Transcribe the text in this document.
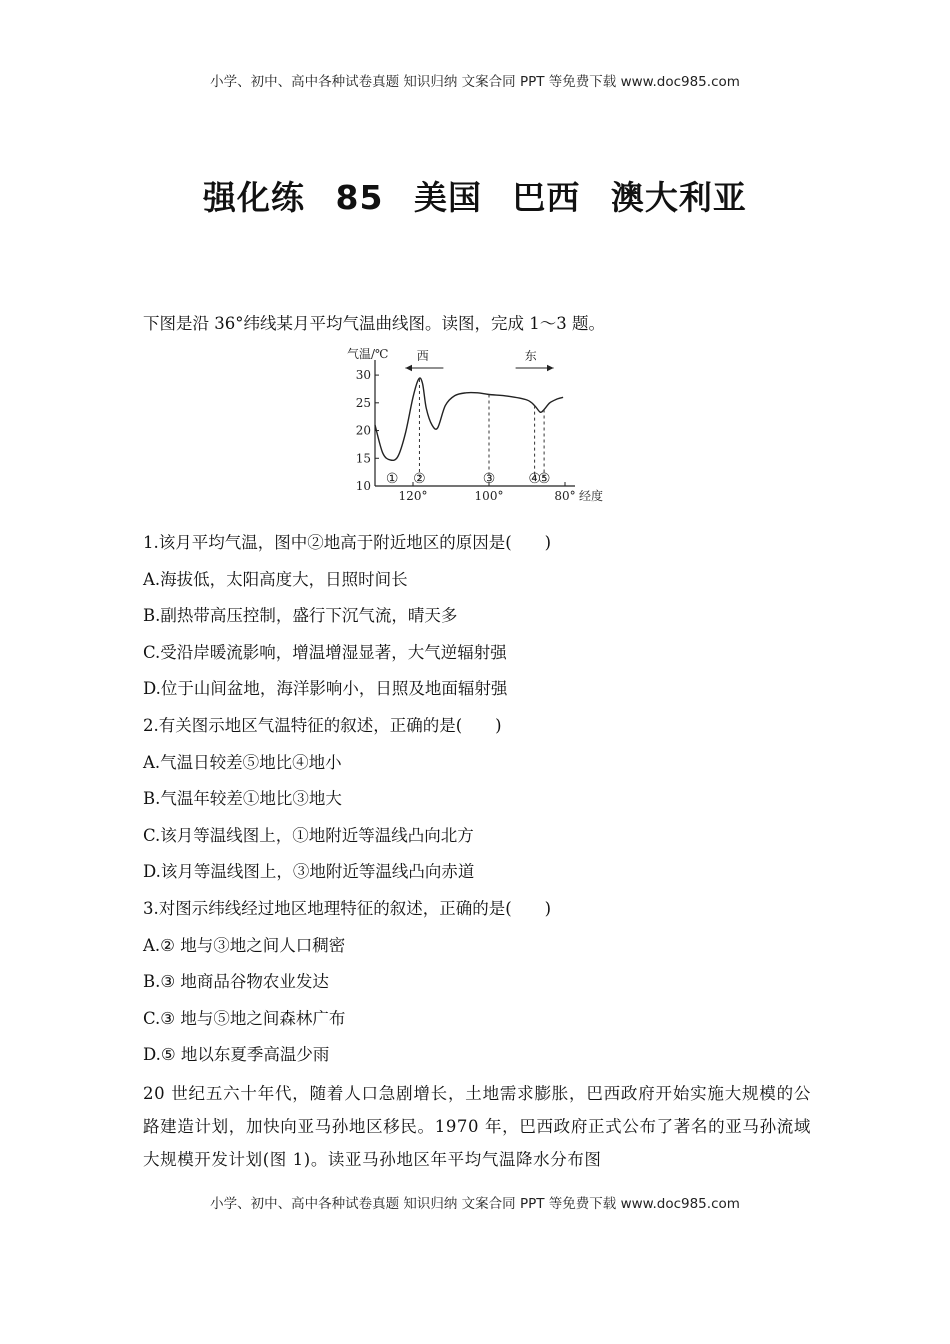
小学、初中、高中各种试卷真题 知识归纳 文案合同 PPT 等免费下载 www.doc985.com
强化练 85 美国 巴西 澳大利亚
下图是沿 36°纬线某月平均气温曲线图。读图，完成 1～3 题。
气温/℃
30
25
20
15
10
120°	100°	80° 经度
① ②	③ ④
⑤
西	东
1.该月平均气温，图中②地高于附近地区的原因是(　　)
A.海拔低，太阳高度大，日照时间长
B.副热带高压控制，盛行下沉气流，晴天多
C.受沿岸暖流影响，增温增湿显著，大气逆辐射强
D.位于山间盆地，海洋影响小，日照及地面辐射强
2.有关图示地区气温特征的叙述，正确的是(　　)
A.气温日较差⑤地比④地小
B.气温年较差①地比③地大
C.该月等温线图上，①地附近等温线凸向北方
D.该月等温线图上，③地附近等温线凸向赤道
3.对图示纬线经过地区地理特征的叙述，正确的是(　　)
A.② 地与③地之间人口稠密
B.③ 地商品谷物农业发达
C.③ 地与⑤地之间森林广布
D.⑤ 地以东夏季高温少雨
20 世纪五六十年代，随着人口急剧增长，土地需求膨胀，巴西政府开始实施大规模的公路建造计划，加快向亚马孙地区移民。1970 年，巴西政府正式公布了著名的亚马孙流域大规模开发计划(图 1)。读亚马孙地区年平均气温降水分布图
小学、初中、高中各种试卷真题 知识归纳 文案合同 PPT 等免费下载 www.doc985.com
